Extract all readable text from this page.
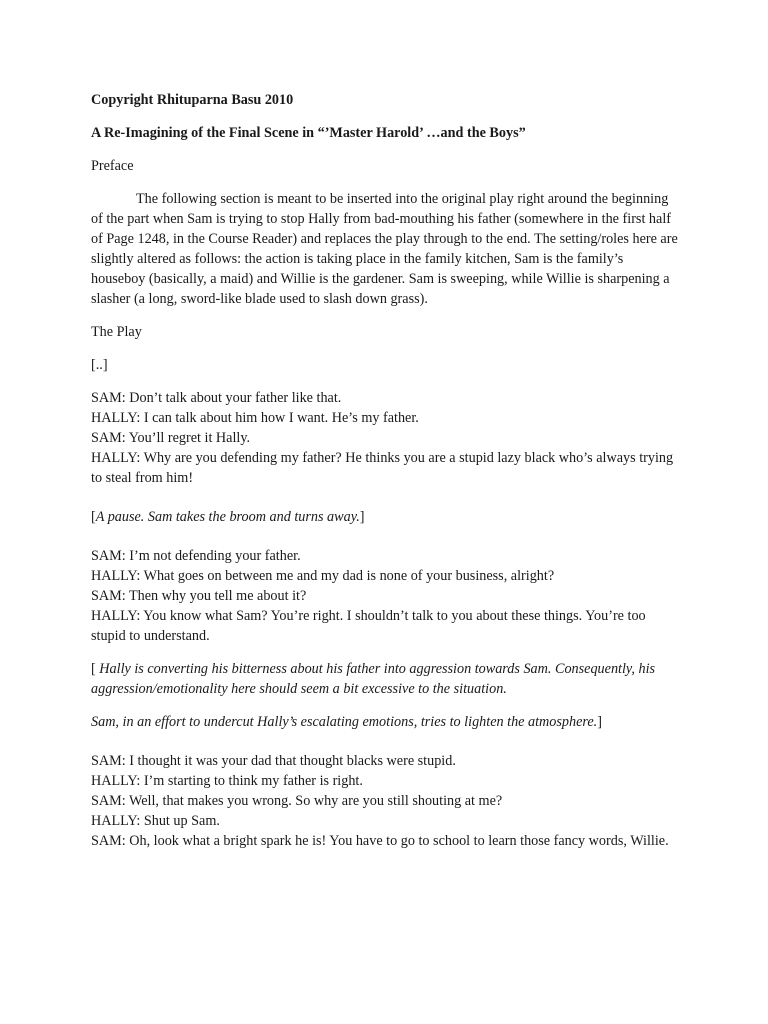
Copyright Rhituparna Basu 2010

A Re-Imagining of the Final Scene in “’Master Harold’ …and the Boys”

Preface

The following section is meant to be inserted into the original play right around the beginning of the part when Sam is trying to stop Hally from bad-mouthing his father (somewhere in the first half of Page 1248, in the Course Reader) and replaces the play through to the end. The setting/roles here are slightly altered as follows: the action is taking place in the family kitchen, Sam is the family’s houseboy (basically, a maid) and Willie is the gardener. Sam is sweeping, while Willie is sharpening a slasher (a long, sword-like blade used to slash down grass).

The Play

[..]

SAM: Don’t talk about your father like that.
HALLY: I can talk about him how I want. He’s my father.
SAM: You’ll regret it Hally.
HALLY: Why are you defending my father? He thinks you are a stupid lazy black who’s always trying to steal from him!

[A pause. Sam takes the broom and turns away.]

SAM: I’m not defending your father.
HALLY: What goes on between me and my dad is none of your business, alright?
SAM: Then why you tell me about it?
HALLY: You know what Sam? You’re right. I shouldn’t talk to you about these things. You’re too stupid to understand.

[ Hally is converting his bitterness about his father into aggression towards Sam. Consequently, his aggression/emotionality here should seem a bit excessive to the situation.

Sam, in an effort to undercut Hally’s escalating emotions, tries to lighten the atmosphere.]

SAM: I thought it was your dad that thought blacks were stupid.
HALLY: I’m starting to think my father is right.
SAM: Well, that makes you wrong. So why are you still shouting at me?
HALLY: Shut up Sam.
SAM: Oh, look what a bright spark he is! You have to go to school to learn those fancy words, Willie.
